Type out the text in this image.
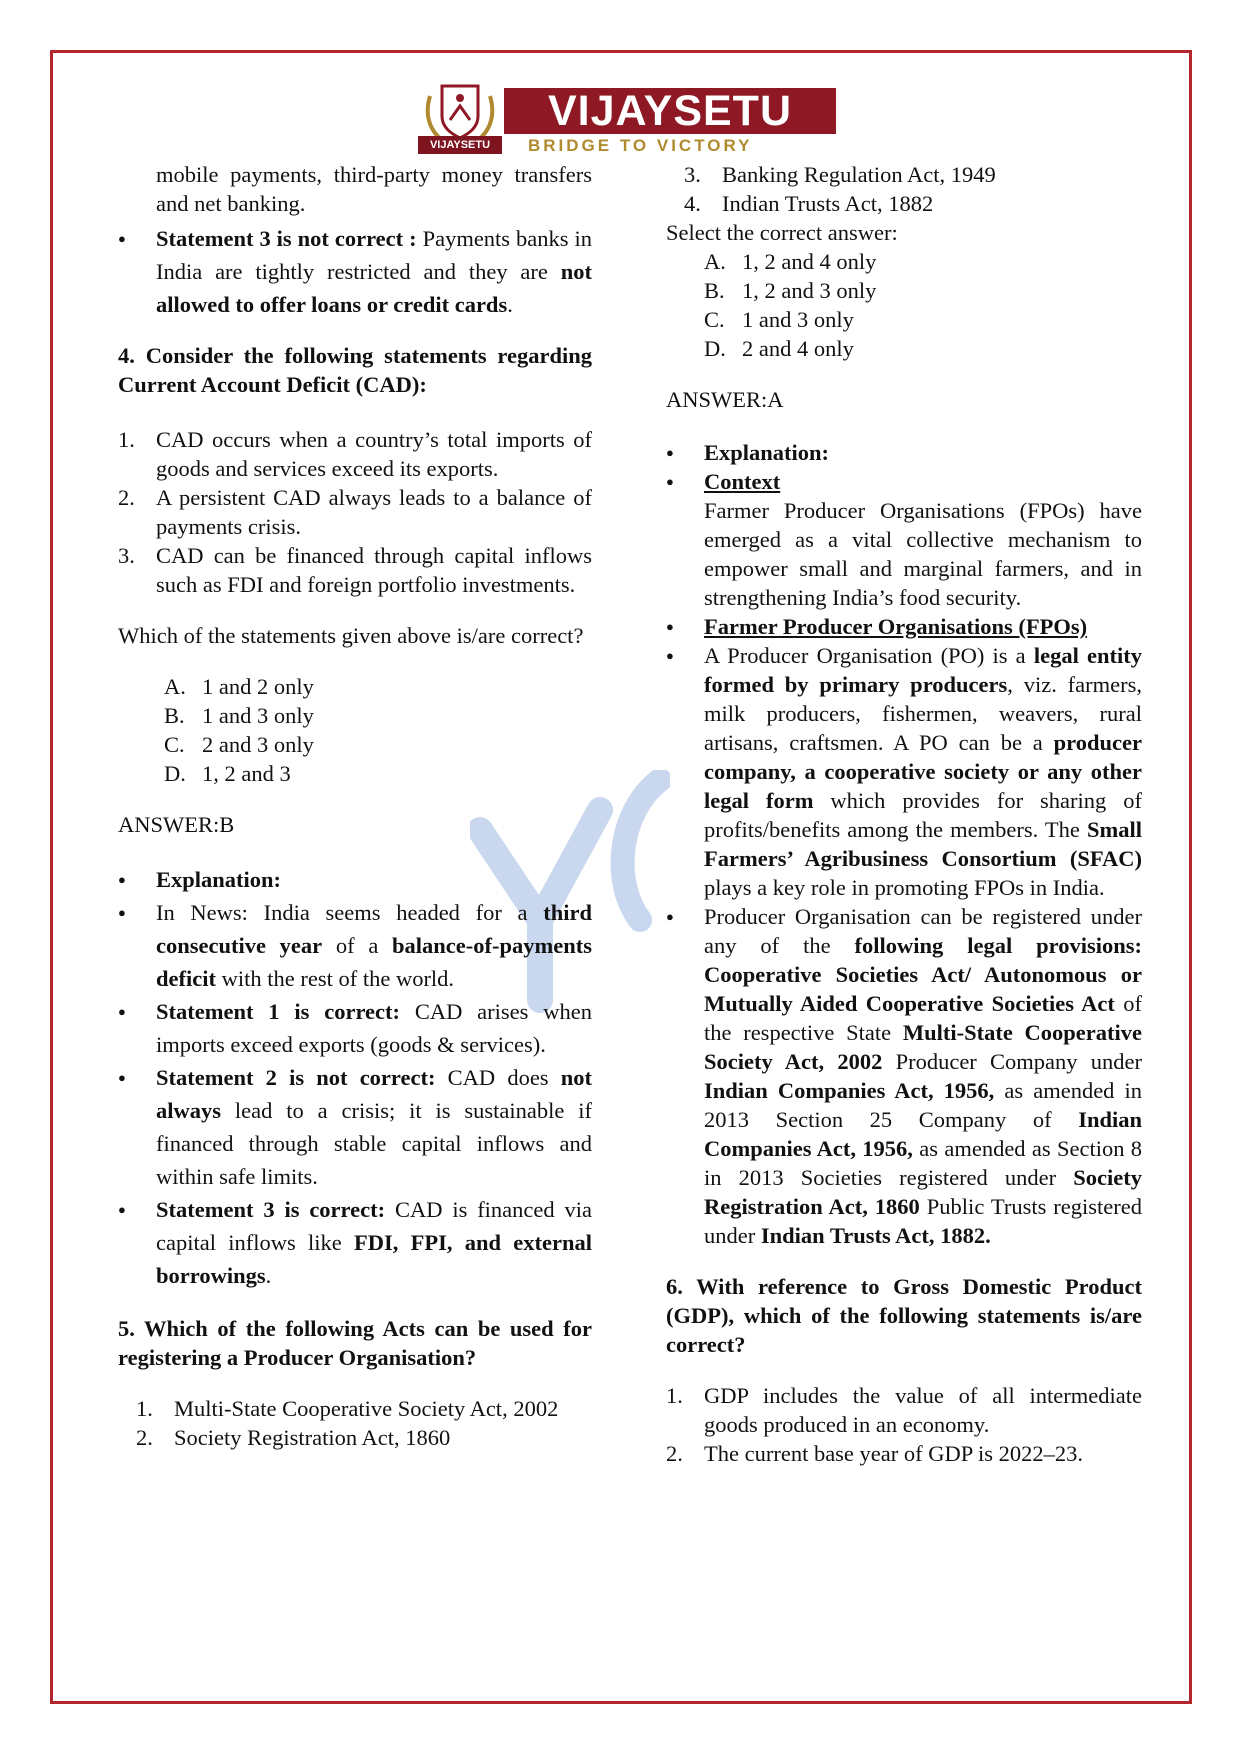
VIJAYSETU
VIJAYSETU
BRIDGE TO VICTORY

mobile payments, third-party money transfers and net banking.

● Statement 3 is not correct : Payments banks in India are tightly restricted and they are not allowed to offer loans or credit cards.

4. Consider the following statements regarding Current Account Deficit (CAD):

1. CAD occurs when a country’s total imports of goods and services exceed its exports.
2. A persistent CAD always leads to a balance of payments crisis.
3. CAD can be financed through capital inflows such as FDI and foreign portfolio investments.

Which of the statements given above is/are correct?

A. 1 and 2 only
B. 1 and 3 only
C. 2 and 3 only
D. 1, 2 and 3

ANSWER:B

● Explanation:
● In News: India seems headed for a third consecutive year of a balance-of-payments deficit with the rest of the world.
● Statement 1 is correct: CAD arises when imports exceed exports (goods & services).
● Statement 2 is not correct: CAD does not always lead to a crisis; it is sustainable if financed through stable capital inflows and within safe limits.
● Statement 3 is correct: CAD is financed via capital inflows like FDI, FPI, and external borrowings.

5. Which of the following Acts can be used for registering a Producer Organisation?

1. Multi-State Cooperative Society Act, 2002
2. Society Registration Act, 1860
3. Banking Regulation Act, 1949
4. Indian Trusts Act, 1882

Select the correct answer:

A. 1, 2 and 4 only
B. 1, 2 and 3 only
C. 1 and 3 only
D. 2 and 4 only

ANSWER:A

● Explanation:
● Context

Farmer Producer Organisations (FPOs) have emerged as a vital collective mechanism to empower small and marginal farmers, and in strengthening India’s food security.

● Farmer Producer Organisations (FPOs)
● A Producer Organisation (PO) is a legal entity formed by primary producers, viz. farmers, milk producers, fishermen, weavers, rural artisans, craftsmen. A PO can be a producer company, a cooperative society or any other legal form which provides for sharing of profits/benefits among the members. The Small Farmers’ Agribusiness Consortium (SFAC) plays a key role in promoting FPOs in India.
● Producer Organisation can be registered under any of the following legal provisions: Cooperative Societies Act/ Autonomous or Mutually Aided Cooperative Societies Act of the respective State Multi-State Cooperative Society Act, 2002 Producer Company under Indian Companies Act, 1956, as amended in 2013 Section 25 Company of Indian Companies Act, 1956, as amended as Section 8 in 2013 Societies registered under Society Registration Act, 1860 Public Trusts registered under Indian Trusts Act, 1882.

6. With reference to Gross Domestic Product (GDP), which of the following statements is/are correct?

1. GDP includes the value of all intermediate goods produced in an economy.
2. The current base year of GDP is 2022–23.
